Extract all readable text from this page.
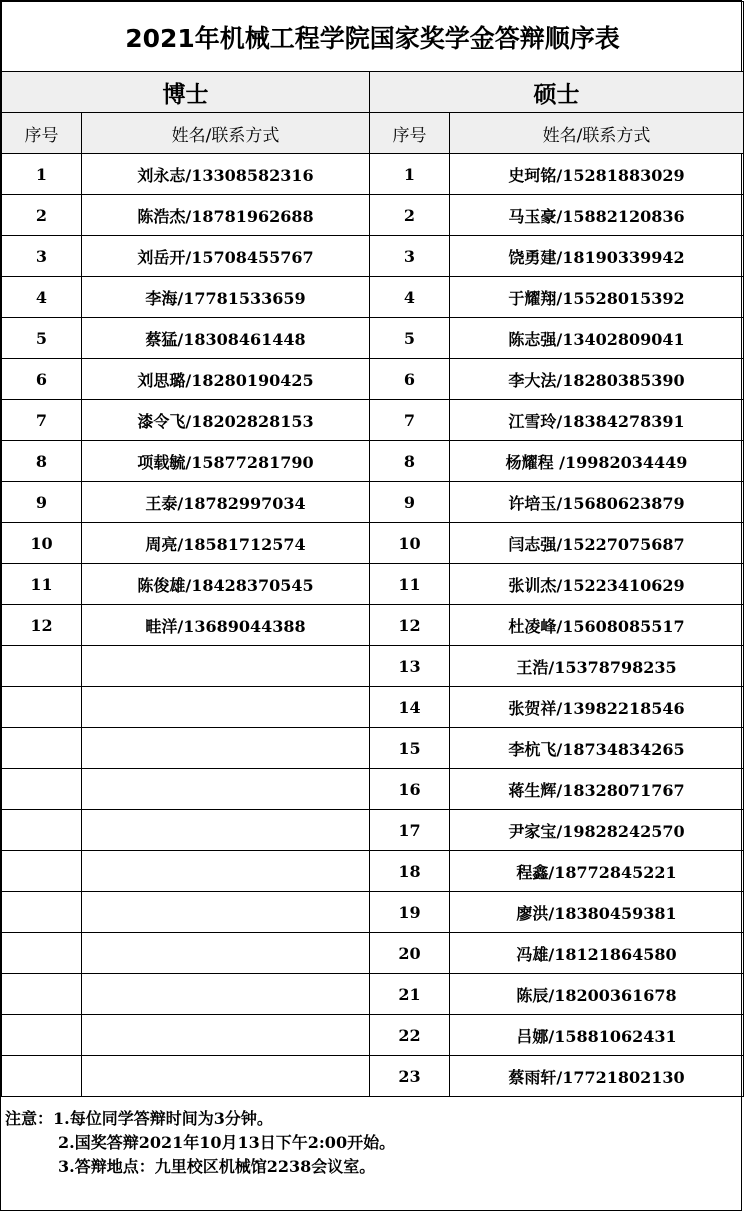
2021年机械工程学院国家奖学金答辩顺序表			
博士		硕士	
序号	姓名/联系方式	序号	姓名/联系方式
1	刘永志/13308582316	1	史珂铭/15281883029
2	陈浩杰/18781962688	2	马玉豪/15882120836
3	刘岳开/15708455767	3	饶勇建/18190339942
4	李海/17781533659	4	于耀翔/15528015392
5	蔡猛/18308461448	5	陈志强/13402809041
6	刘思璐/18280190425	6	李大法/18280385390
7	漆令飞/18202828153	7	江雪玲/18384278391
8	项载毓/15877281790	8	杨耀程 /19982034449
9	王泰/18782997034	9	许培玉/15680623879
10	周亮/18581712574	10	闫志强/15227075687
11	陈俊雄/18428370545	11	张训杰/15223410629
12	畦洋/13689044388	12	杜凌峰/15608085517
		13	王浩/15378798235
		14	张贺祥/13982218546
		15	李杭飞/18734834265
		16	蒋生辉/18328071767
		17	尹家宝/19828242570
		18	程鑫/18772845221
		19	廖洪/18380459381
		20	冯雄/18121864580
		21	陈辰/18200361678
		22	吕娜/15881062431
		23	蔡雨轩/17721802130
注意：1.每位同学答辩时间为3分钟。
2.国奖答辩2021年10月13日下午2:00开始。
3.答辩地点：九里校区机械馆2238会议室。
